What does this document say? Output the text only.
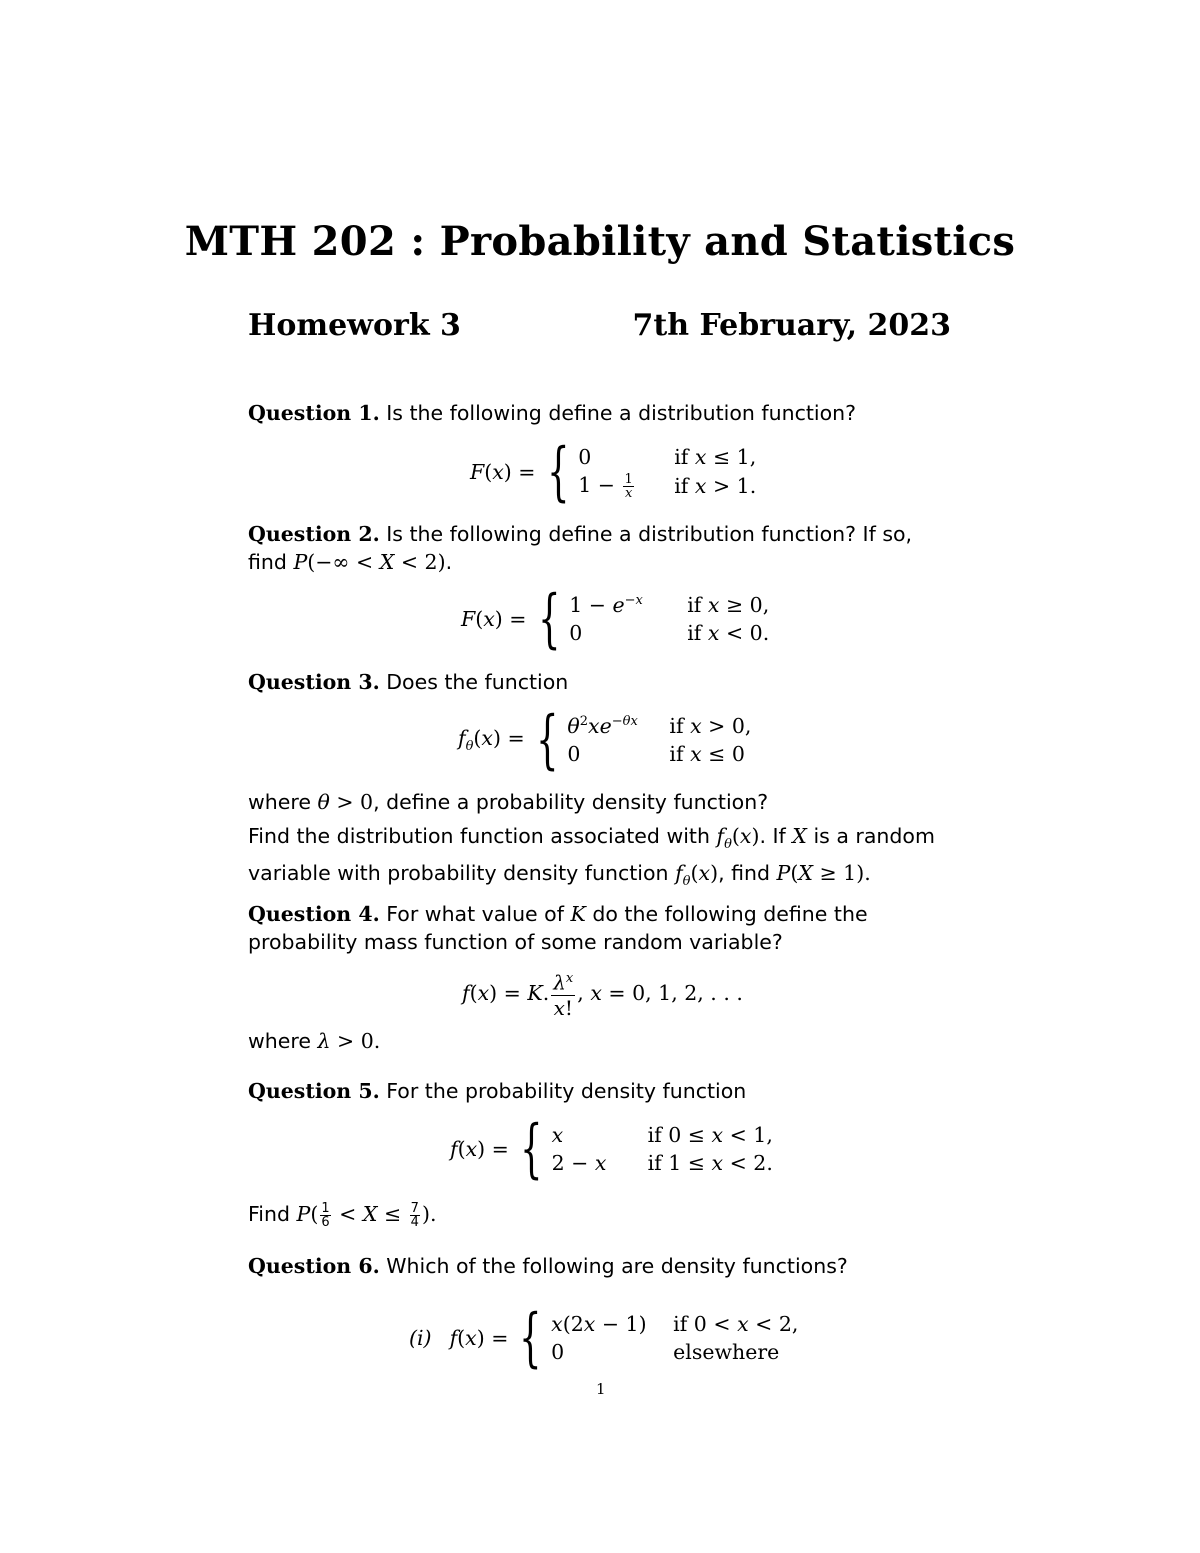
MTH 202 : Probability and Statistics
Homework 3	7th February, 2023
Question 1. Is the following define a distribution function?
F(x) = { 0	if x ≤ 1,
$1 - \frac{1}{x}$ if x > 1.
Question 2. Is the following define a distribution function? If so, find P(−∞ < X < 2).
F(x) = { $1 - e^{-x}$	if x ≥ 0,
0	if x < 0.
Question 3. Does the function
$f_\theta(x)$ = { $\theta^2xe^{-\theta x}$ if x > 0,
0	if x ≤ 0
where θ > 0, define a probability density function?
Find the distribution function associated with $f_\theta(x)$. If X is a random variable with probability density function $f_\theta(x)$, find P(X ≥ 1).
Question 4. For what value of K do the following define the probability mass function of some random variable?
f(x) = K. $\lambda^x$
x!
, x = 0, 1, 2, . . .
where λ > 0.
Question 5. For the probability density function
f(x) = { x	if 0 ≤ x < 1,
2 − x	if 1 ≤ x < 2.
Find $P( \frac{1}{6} < X \le \frac{7}{4}$ ).
Question 6. Which of the following are density functions?
(i) f(x) = { x(2x − 1) if 0 < x < 2,
0	elsewhere
1
